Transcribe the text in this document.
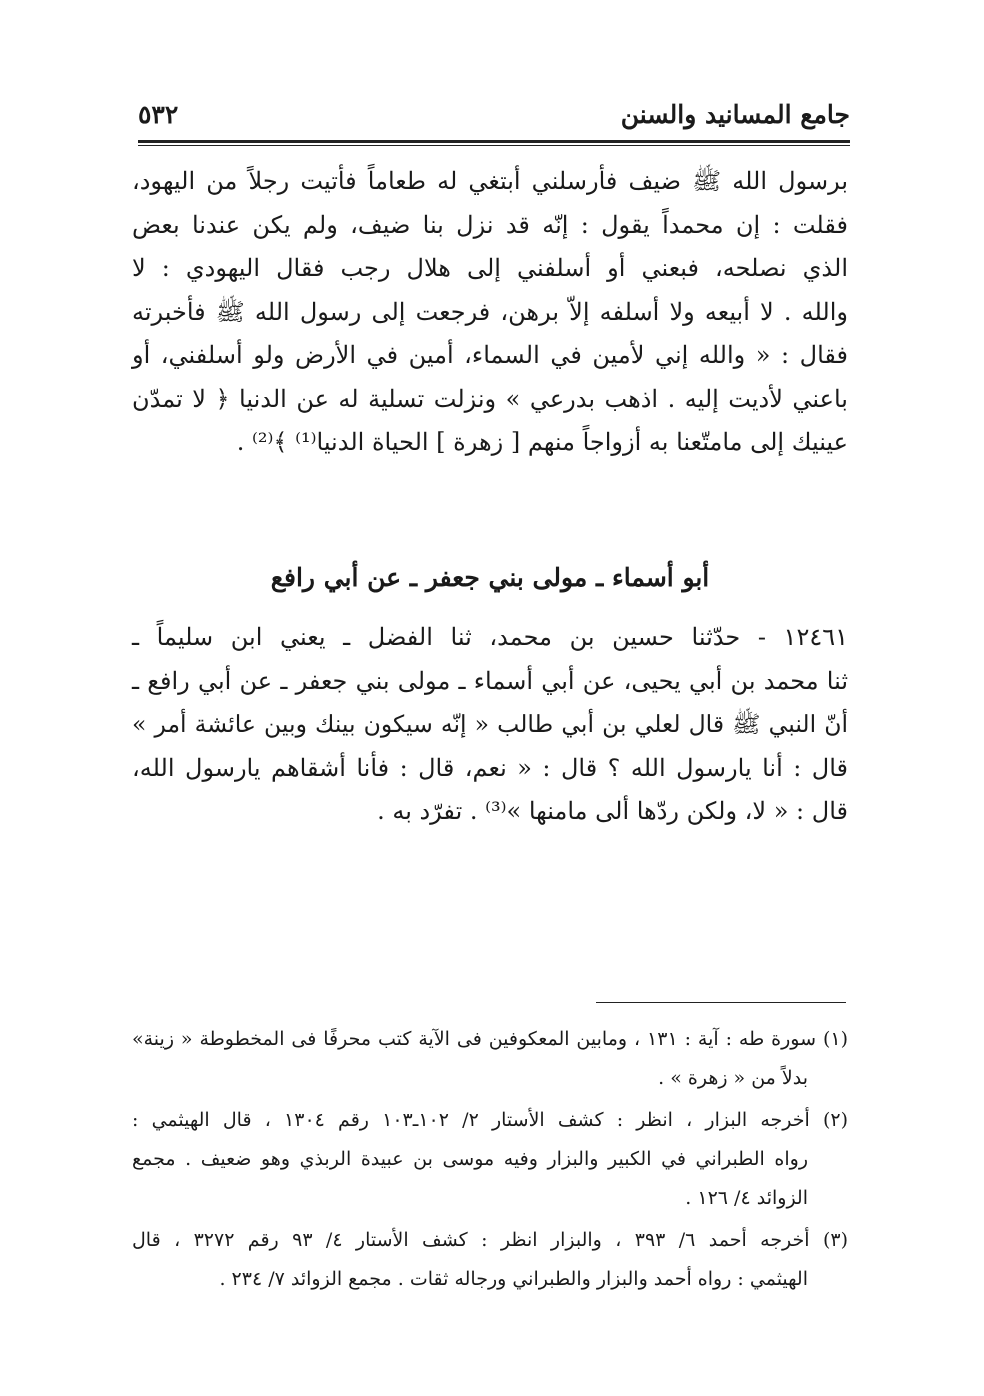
جامع المسانيد والسنن
٥٣٢
برسول الله ﷺ ضيف فأرسلني أبتغي له طعاماً فأتيت رجلاً من اليهود،
فقلت : إن محمداً يقول : إنّه قد نزل بنا ضيف، ولم يكن عندنا بعض
الذي نصلحه، فبعني أو أسلفني إلى هلال رجب فقال اليهودي : لا
والله . لا أبيعه ولا أسلفه إلاّ برهن، فرجعت إلى رسول الله ﷺ فأخبرته
فقال : « والله إني لأمين في السماء، أمين في الأرض ولو أسلفني، أو
باعني لأديت إليه . اذهب بدرعي » ونزلت تسلية له عن الدنيا ﴿ لا تمدّن
عينيك إلى مامتّعنا به أزواجاً منهم [ زهرة ] الحياة الدنيا⁽¹⁾ ﴾⁽²⁾ .
أبو أسماء ـ مولى بني جعفر ـ عن أبي رافع
١٢٤٦١ - حدّثنا حسين بن محمد، ثنا الفضل ـ يعني ابن سليماً ـ
ثنا محمد بن أبي يحيى، عن أبي أسماء ـ مولى بني جعفر ـ عن أبي رافع ـ
أنّ النبي ﷺ قال لعلي بن أبي طالب « إنّه سيكون بينك وبين عائشة أمر »
قال : أنا يارسول الله ؟ قال : « نعم، قال : فأنا أشقاهم يارسول الله،
قال : « لا، ولكن ردّها ألى مامنها »⁽³⁾ . تفرّد به .
(١) سورة طه : آية : ١٣١ ، ومابين المعكوفين فى الآية كتب محرفًا فى المخطوطة « زينة»
بدلاً من « زهرة » .
(٢) أخرجه البزار ، انظر : كشف الأستار ٢/ ١٠٢ـ١٠٣ رقم ١٣٠٤ ، قال الهيثمي :
رواه الطبراني في الكبير والبزار وفيه موسى بن عبيدة الربذي وهو ضعيف . مجمع
الزوائد ٤/ ١٢٦ .
(٣) أخرجه أحمد ٦/ ٣٩٣ ، والبزار انظر : كشف الأستار ٤/ ٩٣ رقم ٣٢٧٢ ، قال
الهيثمي : رواه أحمد والبزار والطبراني ورجاله ثقات . مجمع الزوائد ٧/ ٢٣٤ .
